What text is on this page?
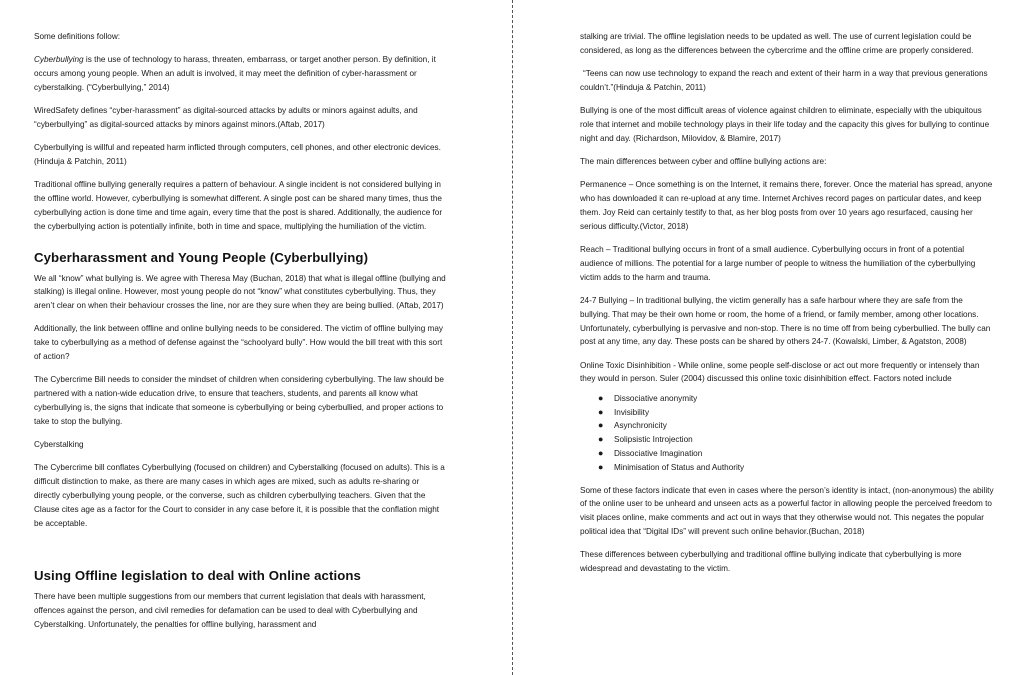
Some definitions follow:

Cyberbullying is the use of technology to harass, threaten, embarrass, or target another person. By definition, it occurs among young people. When an adult is involved, it may meet the definition of cyber-harassment or cyberstalking. (“Cyberbullying,” 2014)

WiredSafety defines “cyber-harassment” as digital-sourced attacks by adults or minors against adults, and “cyberbullying” as digital-sourced attacks by minors against minors.(Aftab, 2017)

Cyberbullying is willful and repeated harm inflicted through computers, cell phones, and other electronic devices. (Hinduja & Patchin, 2011)

Traditional offline bullying generally requires a pattern of behaviour. A single incident is not considered bullying in the offline world. However, cyberbullying is somewhat different. A single post can be shared many times, thus the cyberbullying action is done time and time again, every time that the post is shared. Additionally, the audience for the cyberbullying action is potentially infinite, both in time and space, multiplying the humiliation of the victim.

Cyberharassment and Young People (Cyberbullying)

We all “know” what bullying is. We agree with Theresa May (Buchan, 2018) that what is illegal offline (bullying and stalking) is illegal online. However, most young people do not “know” what constitutes cyberbullying. Thus, they aren’t clear on when their behaviour crosses the line, nor are they sure when they are being bullied. (Aftab, 2017)

Additionally, the link between offline and online bullying needs to be considered. The victim of offline bullying may take to cyberbullying as a method of defense against the “schoolyard bully”. How would the bill treat with this sort of action?

The Cybercrime Bill needs to consider the mindset of children when considering cyberbullying. The law should be partnered with a nation-wide education drive, to ensure that teachers, students, and parents all know what cyberbullying is, the signs that indicate that someone is cyberbullying or being cyberbullied, and proper actions to take to stop the bullying.

Cyberstalking

The Cybercrime bill conflates Cyberbullying (focused on children) and Cyberstalking (focused on adults). This is a difficult distinction to make, as there are many cases in which ages are mixed, such as adults re-sharing or directly cyberbullying young people, or the converse, such as children cyberbullying teachers. Given that the Clause cites age as a factor for the Court to consider in any case before it, it is possible that the conflation might be acceptable.

Using Offline legislation to deal with Online actions

There have been multiple suggestions from our members that current legislation that deals with harassment, offences against the person, and civil remedies for defamation can be used to deal with Cyberbullying and Cyberstalking. Unfortunately, the penalties for offline bullying, harassment and

stalking are trivial. The offline legislation needs to be updated as well. The use of current legislation could be considered, as long as the differences between the cybercrime and the offline crime are properly considered.

“Teens can now use technology to expand the reach and extent of their harm in a way that previous generations couldn’t.”(Hinduja & Patchin, 2011)

Bullying is one of the most difficult areas of violence against children to eliminate, especially with the ubiquitous role that internet and mobile technology plays in their life today and the capacity this gives for bullying to continue night and day. (Richardson, Milovidov, & Blamire, 2017)

The main differences between cyber and offline bullying actions are:

Permanence – Once something is on the Internet, it remains there, forever. Once the material has spread, anyone who has downloaded it can re-upload at any time. Internet Archives record pages on particular dates, and keep them. Joy Reid can certainly testify to that, as her blog posts from over 10 years ago resurfaced, causing her serious difficulty.(Victor, 2018)

Reach – Traditional bullying occurs in front of a small audience. Cyberbullying occurs in front of a potential audience of millions. The potential for a large number of people to witness the humiliation of the cyberbullying victim adds to the harm and trauma.

24-7 Bullying – In traditional bullying, the victim generally has a safe harbour where they are safe from the bullying. That may be their own home or room, the home of a friend, or family member, among other locations. Unfortunately, cyberbullying is pervasive and non-stop. There is no time off from being cyberbullied. The bully can post at any time, any day. These posts can be shared by others 24-7. (Kowalski, Limber, & Agatston, 2008)

Online Toxic Disinhibition - While online, some people self-disclose or act out more frequently or intensely than they would in person. Suler (2004) discussed this online toxic disinhibition effect. Factors noted include

● Dissociative anonymity
● Invisibility
● Asynchronicity
● Solipsistic Introjection
● Dissociative Imagination
● Minimisation of Status and Authority

Some of these factors indicate that even in cases where the person’s identity is intact, (non-anonymous) the ability of the online user to be unheard and unseen acts as a powerful factor in allowing people the perceived freedom to visit places online, make comments and act out in ways that they otherwise would not. This negates the popular political idea that “Digital IDs” will prevent such online behavior.(Buchan, 2018)

These differences between cyberbullying and traditional offline bullying indicate that cyberbullying is more widespread and devastating to the victim.
